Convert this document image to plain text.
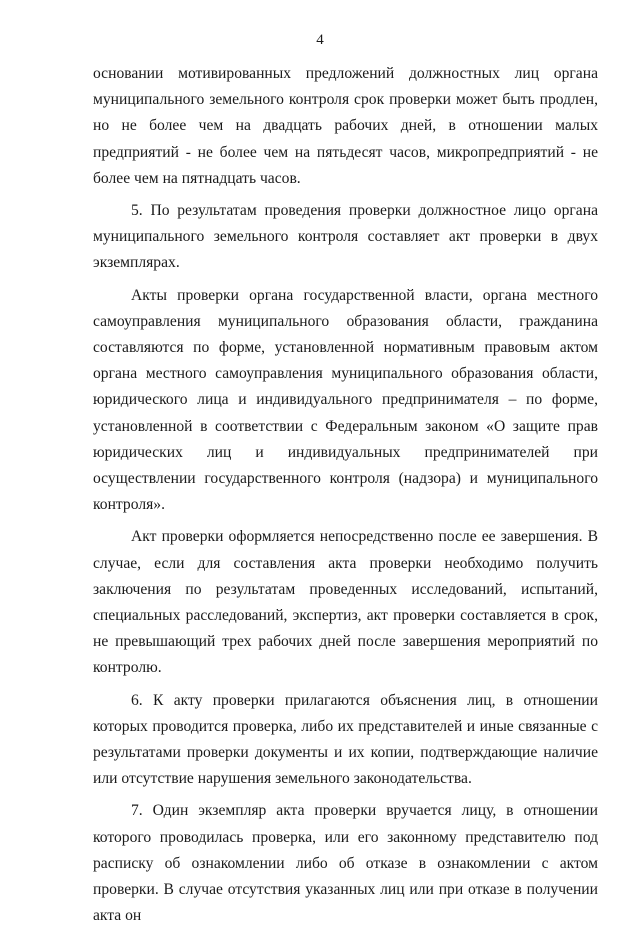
4

основании мотивированных предложений должностных лиц органа муниципального земельного контроля срок проверки может быть продлен, но не более чем на двадцать рабочих дней, в отношении малых предприятий - не более чем на пятьдесят часов, микропредприятий - не более чем на пятнадцать часов.

5. По результатам проведения проверки должностное лицо органа муниципального земельного контроля составляет акт проверки в двух экземплярах.

Акты проверки органа государственной власти, органа местного самоуправления муниципального образования области, гражданина составляются по форме, установленной нормативным правовым актом органа местного самоуправления муниципального образования области, юридического лица и индивидуального предпринимателя – по форме, установленной в соответствии с Федеральным законом «О защите прав юридических лиц и индивидуальных предпринимателей при осуществлении государственного контроля (надзора) и муниципального контроля».

Акт проверки оформляется непосредственно после ее завершения. В случае, если для составления акта проверки необходимо получить заключения по результатам проведенных исследований, испытаний, специальных расследований, экспертиз, акт проверки составляется в срок, не превышающий трех рабочих дней после завершения мероприятий по контролю.

6. К акту проверки прилагаются объяснения лиц, в отношении которых проводится проверка, либо их представителей и иные связанные с результатами проверки документы и их копии, подтверждающие наличие или отсутствие нарушения земельного законодательства.

7. Один экземпляр акта проверки вручается лицу, в отношении которого проводилась проверка, или его законному представителю под расписку об ознакомлении либо об отказе в ознакомлении с актом проверки. В случае отсутствия указанных лиц или при отказе в получении акта он
